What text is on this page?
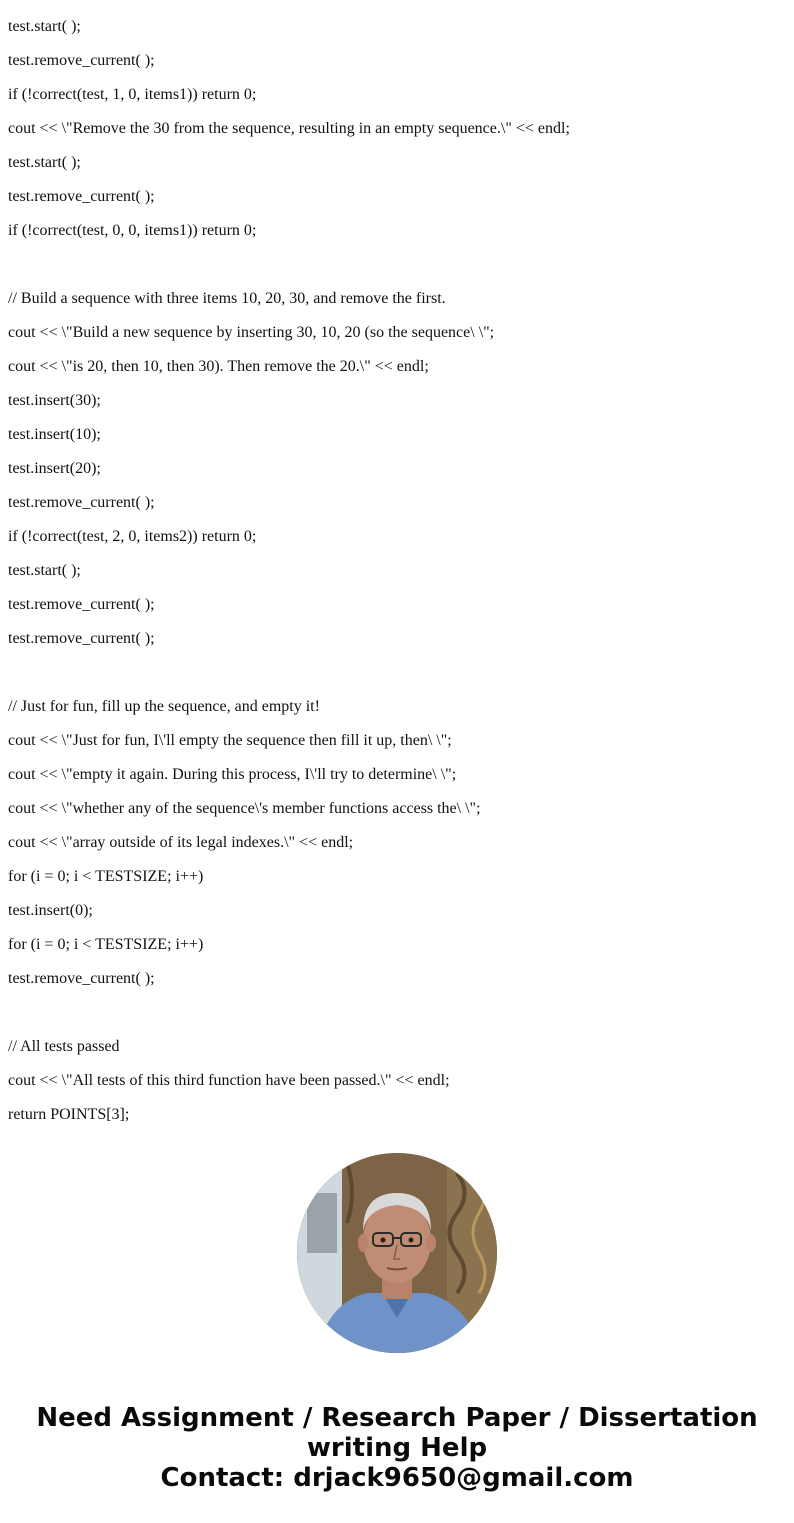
test.start( );
test.remove_current( );
if (!correct(test, 1, 0, items1)) return 0;
cout << \"Remove the 30 from the sequence, resulting in an empty sequence.\" << endl;
test.start( );
test.remove_current( );
if (!correct(test, 0, 0, items1)) return 0;
// Build a sequence with three items 10, 20, 30, and remove the first.
cout << \"Build a new sequence by inserting 30, 10, 20 (so the sequence\ \";
cout << \"is 20, then 10, then 30). Then remove the 20.\" << endl;
test.insert(30);
test.insert(10);
test.insert(20);
test.remove_current( );
if (!correct(test, 2, 0, items2)) return 0;
test.start( );
test.remove_current( );
test.remove_current( );
// Just for fun, fill up the sequence, and empty it!
cout << \"Just for fun, I\'ll empty the sequence then fill it up, then\ \";
cout << \"empty it again. During this process, I\'ll try to determine\ \";
cout << \"whether any of the sequence\'s member functions access the\ \";
cout << \"array outside of its legal indexes.\" << endl;
for (i = 0; i < TESTSIZE; i++)
test.insert(0);
for (i = 0; i < TESTSIZE; i++)
test.remove_current( );
// All tests passed
cout << \"All tests of this third function have been passed.\" << endl;
return POINTS[3];
Need Assignment / Research Paper / Dissertation
writing Help
Contact: drjack9650@gmail.com
